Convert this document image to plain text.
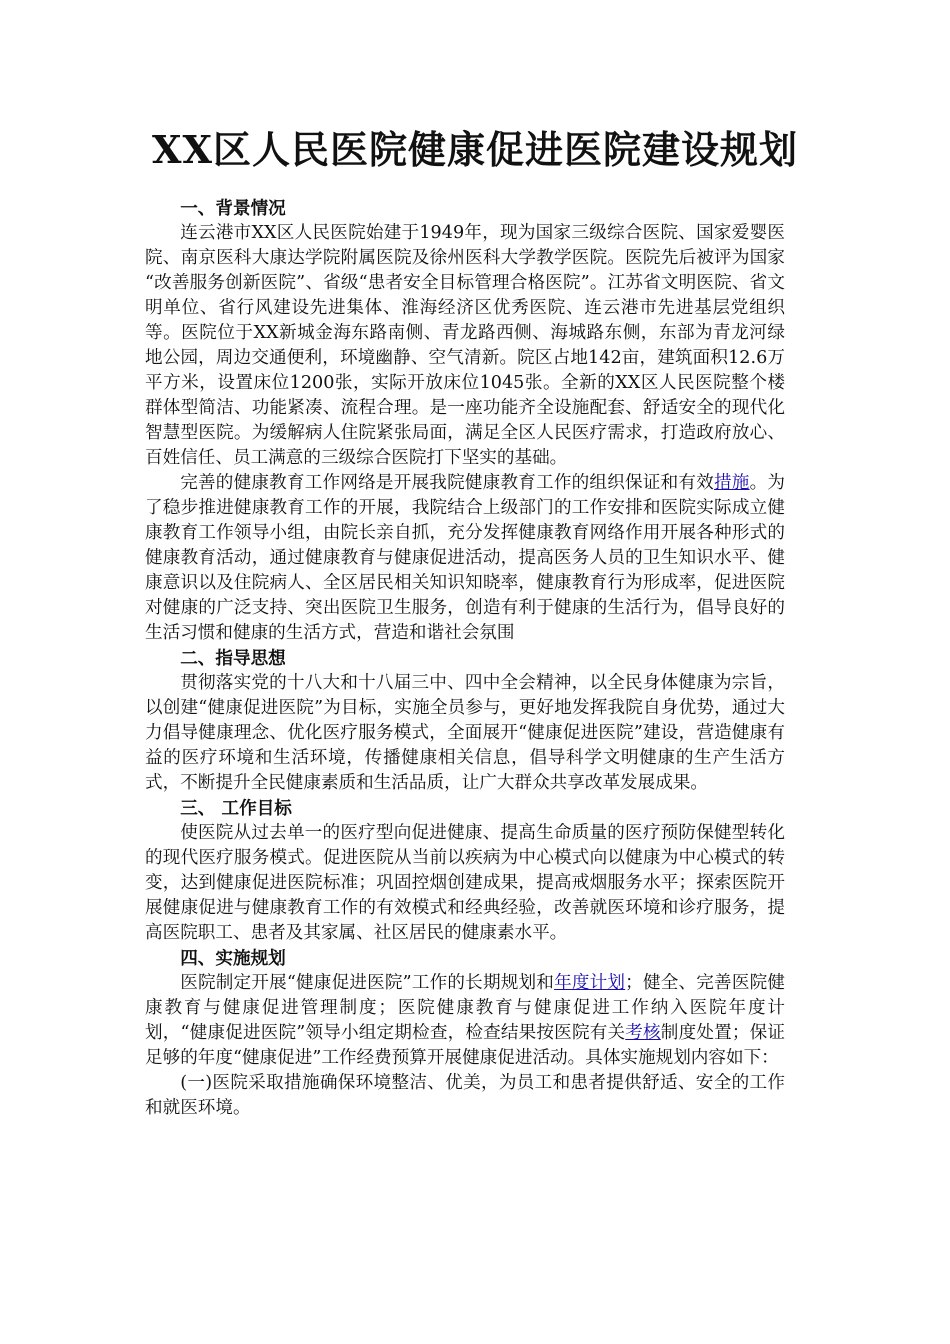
XX区人民医院健康促进医院建设规划
一、背景情况

连云港市XX区人民医院始建于1949年，现为国家三级综合医院、国家爱婴医院、南京医科大康达学院附属医院及徐州医科大学教学医院。医院先后被评为国家 “改善服务创新医院”、省级“患者安全目标管理合格医院”。江苏省文明医院、省文明单位、省行风建设先进集体、淮海经济区优秀医院、连云港市先进基层党组织等。医院位于XX新城金海东路南侧、青龙路西侧、海城路东侧，东部为青龙河绿地公园，周边交通便利，环境幽静、空气清新。院区占地142亩，建筑面积12.6万平方米，设置床位1200张，实际开放床位1045张。全新的XX区人民医院整个楼群体型简洁、功能紧凑、流程合理。是一座功能齐全设施配套、舒适安全的现代化智慧型医院。为缓解病人住院紧张局面，满足全区人民医疗需求，打造政府放心、百姓信任、员工满意的三级综合医院打下坚实的基础。

完善的健康教育工作网络是开展我院健康教育工作的组织保证和有效措施。为了稳步推进健康教育工作的开展，我院结合上级部门的工作安排和医院实际成立健康教育工作领导小组，由院长亲自抓，充分发挥健康教育网络作用开展各种形式的健康教育活动，通过健康教育与健康促进活动，提高医务人员的卫生知识水平、健康意识以及住院病人、全区居民相关知识知晓率，健康教育行为形成率，促进医院对健康的广泛支持、突出医院卫生服务，创造有利于健康的生活行为，倡导良好的生活习惯和健康的生活方式，营造和谐社会氛围

二、指导思想

贯彻落实党的十八大和十八届三中、四中全会精神，以全民身体健康为宗旨，以创建“健康促进医院”为目标，实施全员参与，更好地发挥我院自身优势，通过大力倡导健康理念、优化医疗服务模式，全面展开“健康促进医院”建设，营造健康有益的医疗环境和生活环境，传播健康相关信息，倡导科学文明健康的生产生活方式，不断提升全民健康素质和生活品质，让广大群众共享改革发展成果。

三、 工作目标

使医院从过去单一的医疗型向促进健康、提高生命质量的医疗预防保健型转化的现代医疗服务模式。促进医院从当前以疾病为中心模式向以健康为中心模式的转变，达到健康促进医院标准；巩固控烟创建成果，提高戒烟服务水平；探索医院开展健康促进与健康教育工作的有效模式和经典经验，改善就医环境和诊疗服务，提高医院职工、患者及其家属、社区居民的健康素水平。

四、实施规划

医院制定开展“健康促进医院”工作的长期规划和年度计划；健全、完善医院健康教育与健康促进管理制度；医院健康教育与健康促进工作纳入医院年度计划，“健康促进医院”领导小组定期检查，检查结果按医院有关考核制度处置；保证足够的年度“健康促进”工作经费预算开展健康促进活动。具体实施规划内容如下：

(一)医院采取措施确保环境整洁、优美，为员工和患者提供舒适、安全的工作和就医环境。
